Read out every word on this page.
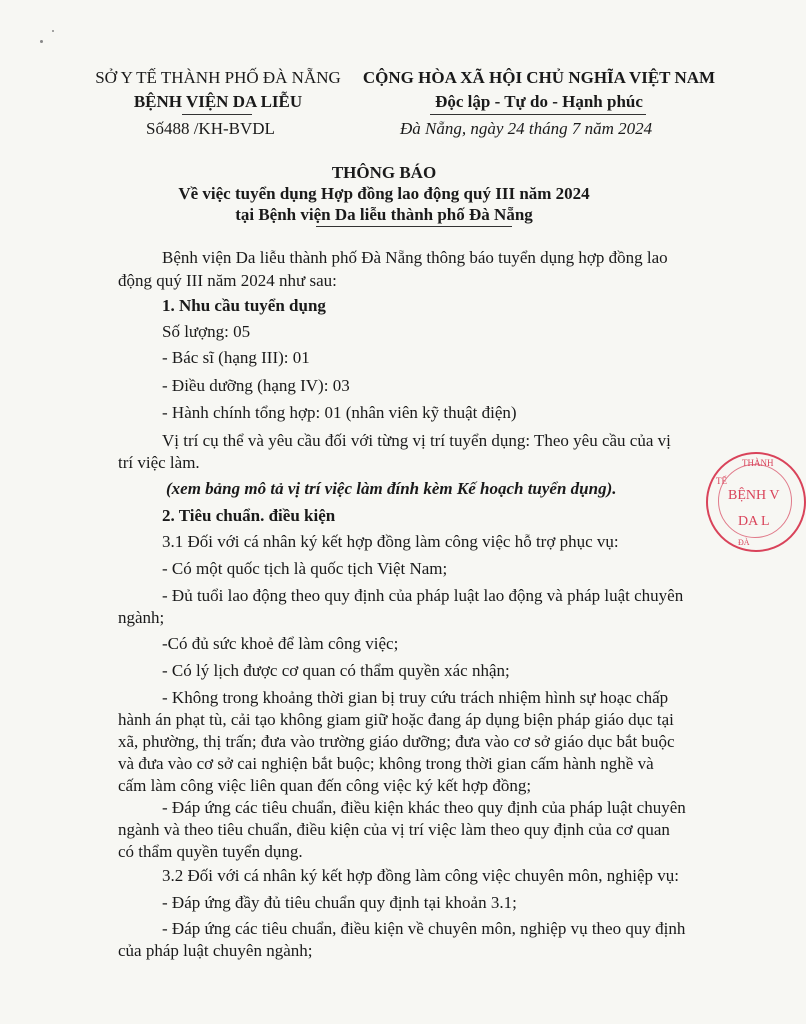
SỞ Y TẾ THÀNH PHỐ ĐÀ NẴNG
BỆNH VIỆN DA LIỄU
Số488 /KH-BVDL
CỘNG HÒA XÃ HỘI CHỦ NGHĨA VIỆT NAM
Độc lập - Tự do - Hạnh phúc
Đà Nẵng, ngày 24 tháng 7 năm 2024
THÔNG BÁO
Về việc tuyển dụng Hợp đồng lao động quý III năm 2024
tại Bệnh viện Da liễu thành phố Đà Nẵng
Bệnh viện Da liễu thành phố Đà Nẵng thông báo tuyển dụng hợp đồng lao
động quý III năm 2024 như sau:
1. Nhu cầu tuyển dụng
Số lượng: 05
- Bác sĩ (hạng III): 01
- Điều dưỡng (hạng IV): 03
- Hành chính tổng hợp: 01 (nhân viên kỹ thuật điện)
Vị trí cụ thể và yêu cầu đối với từng vị trí tuyển dụng: Theo yêu cầu của vị
trí việc làm.
(xem bảng mô tả vị trí việc làm đính kèm Kế hoạch tuyển dụng).
2. Tiêu chuẩn. điều kiện
3.1 Đối với cá nhân ký kết hợp đồng làm công việc hỗ trợ phục vụ:
- Có một quốc tịch là quốc tịch Việt Nam;
- Đủ tuổi lao động theo quy định của pháp luật lao động và pháp luật chuyên
ngành;
-Có đủ sức khoẻ để làm công việc;
- Có lý lịch được cơ quan có thẩm quyền xác nhận;
- Không trong khoảng thời gian bị truy cứu trách nhiệm hình sự hoạc chấp
hành án phạt tù, cải tạo không giam giữ hoặc đang áp dụng biện pháp giáo dục tại
xã, phường, thị trấn; đưa vào trường giáo dưỡng; đưa vào cơ sở giáo dục bắt buộc
và đưa vào cơ sở cai nghiện bắt buộc; không trong thời gian cấm hành nghề và
cấm làm công việc liên quan đến công việc ký kết hợp đồng;
- Đáp ứng các tiêu chuẩn, điều kiện khác theo quy định của pháp luật chuyên
ngành và theo tiêu chuẩn, điều kiện của vị trí việc làm theo quy định của cơ quan
có thẩm quyền tuyển dụng.
3.2 Đối với cá nhân ký kết hợp đồng làm công việc chuyên môn, nghiệp vụ:
- Đáp ứng đầy đủ tiêu chuẩn quy định tại khoản 3.1;
- Đáp ứng các tiêu chuẩn, điều kiện về chuyên môn, nghiệp vụ theo quy định
của pháp luật chuyên ngành;
THÀNH
TẾ
BỆNH V
DA L
ĐÀ
